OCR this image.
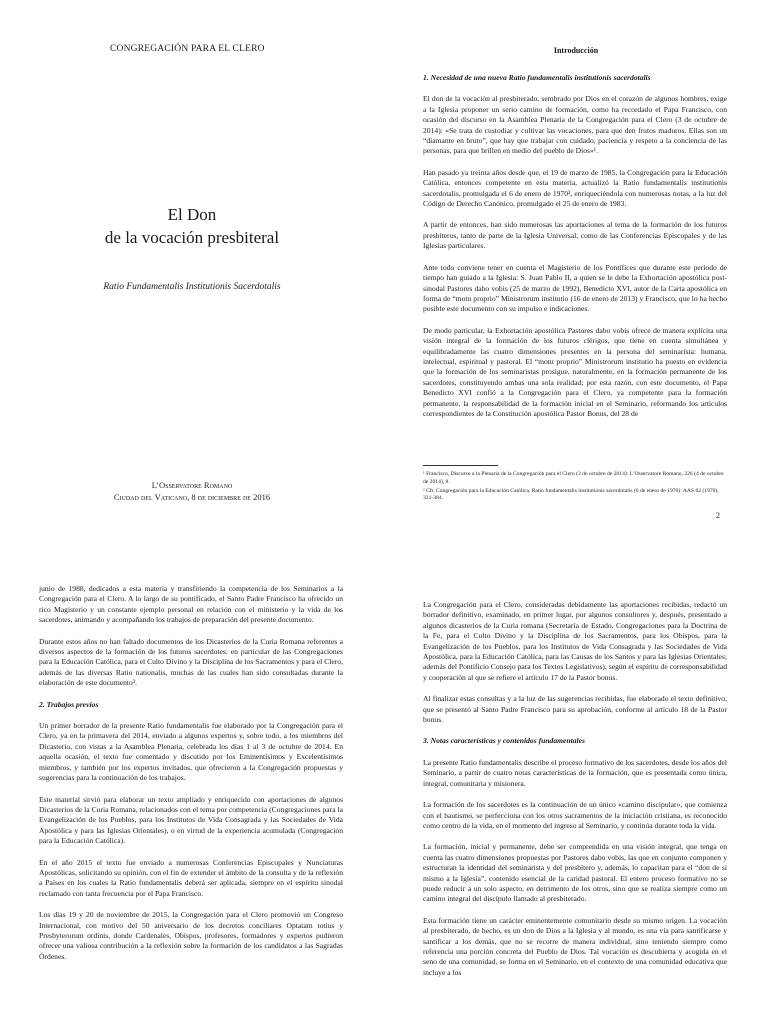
CONGREGACIÓN PARA EL CLERO
El Don
de la vocación presbiteral
Ratio Fundamentalis Institutionis Sacerdotalis
L’Osservatore Romano
Ciudad del Vaticano, 8 de diciembre de 2016
Introducción
1. Necesidad de una nueva Ratio fundamentalis institutionis sacerdotalis

El don de la vocación al presbiterado, sembrado por Dios en el corazón de algunos hombres, exige a la Iglesia proponer un serio camino de formación, como ha recordado el Papa Francisco, con ocasión del discurso en la Asamblea Plenaria de la Congregación para el Clero (3 de octubre de 2014): «Se trata de custodiar y cultivar las vocaciones, para que den frutos maduros. Ellas son un “diamante en bruto”, que hay que trabajar con cuidado, paciencia y respeto a la conciencia de las personas, para que brillen en medio del pueblo de Dios»¹.

Han pasado ya treinta años desde que, el 19 de marzo de 1985, la Congregación para la Educación Católica, entonces competente en esta materia, actualizó la Ratio fundamentalis institutionis sacerdotalis, promulgada el 6 de enero de 1970², enriqueciéndola con numerosas notas, a la luz del Código de Derecho Canónico, promulgado el 25 de enero de 1983.

A partir de entonces, han sido numerosas las aportaciones al tema de la formación de los futuros presbíteros, tanto de parte de la Iglesia Universal, como de las Conferencias Episcopales y de las Iglesias particulares.

Ante todo conviene tener en cuenta el Magisterio de los Pontífices que durante este período de tiempo han guiado a la Iglesia: S. Juan Pablo II, a quien se le debe la Exhortación apostólica post-sinodal Pastores dabo vobis (25 de marzo de 1992), Benedicto XVI, autor de la Carta apostólica en forma de “motu proprio” Ministrorum institutio (16 de enero de 2013) y Francisco, que lo ha hecho posible este documento con su impulso e indicaciones.

De modo particular, la Exhortación apostólica Pastores dabo vobis ofrece de manera explícita una visión integral de la formación de los futuros clérigos, que tiene en cuenta simultánea y equilibradamente las cuatro dimensiones presentes en la persona del seminarista: humana, intelectual, espiritual y pastoral. El “motu proprio” Ministrorum institutio ha puesto en evidencia que la formación de los seminaristas prosigue, naturalmente, en la formación permanente de los sacerdotes, constituyendo ambas una sola realidad; por esta razón, con este documento, el Papa Benedicto XVI confió a la Congregación para el Clero, ya competente para la formación permanente, la responsabilidad de la formación inicial en el Seminario, reformando los artículos correspondientes de la Constitución apostólica Pastor Bonus, del 28 de

¹ Francisco, Discurso a la Plenaria de la Congregación para el Clero (3 de octubre de 2014): L’Osservatore Romano, 226 (4 de octubre de 2014), 8.

² Cfr. Congregación para la Educación Católica, Ratio fundamentalis institutionis sacerdotalis (6 de enero de 1970): AAS 62 (1970), 321-384.

2

junio de 1988, dedicados a esta materia y transfiriendo la competencia de los Seminarios a la Congregación para el Clero. A lo largo de su pontificado, el Santo Padre Francisco ha ofrecido un rico Magisterio y un constante ejemplo personal en relación con el ministerio y la vida de los sacerdotes, animando y acompañando los trabajos de preparación del presente documento.

Durante estos años no han faltado documentos de los Dicasterios de la Curia Romana referentes a diversos aspectos de la formación de los futuros sacerdotes: en particular de las Congregaciones para la Educación Católica, para el Culto Divino y la Disciplina de los Sacramentos y para el Clero, además de las diversas Ratio nationalis, muchas de las cuales han sido consultadas durante la elaboración de este documento³.

2. Trabajos previos

Un primer borrador de la presente Ratio fundamentalis fue elaborado por la Congregación para el Clero, ya en la primavera del 2014, enviado a algunos expertos y, sobre todo, a los miembros del Dicasterio, con vistas a la Asamblea Plenaria, celebrada los días 1 al 3 de octubre de 2014. En aquella ocasión, el texto fue comentado y discutido por los Eminentísimos y Excelentísimos miembros, y también por los expertos invitados, que ofrecieron a la Congregación propuestas y sugerencias para la continuación de los trabajos.

Este material sirvió para elaborar un texto ampliado y enriquecido con aportaciones de algunos Dicasterios de la Curia Romana, relacionados con el tema por competencia (Congregaciones para la Evangelización de los Pueblos, para los Institutos de Vida Consagrada y las Sociedades de Vida Apostólica y para las Iglesias Orientales), o en virtud de la experiencia acumulada (Congregación para la Educación Católica).

En el año 2015 el texto fue enviado a numerosas Conferencias Episcopales y Nunciaturas Apostólicas, solicitando su opinión, con el fin de extender el ámbito de la consulta y de la reflexión a Países en los cuales la Ratio fundamentalis deberá ser aplicada, siempre en el espíritu sinodal reclamado con tanta frecuencia por el Papa Francisco.

Los días 19 y 20 de noviembre de 2015, la Congregación para el Clero promovió un Congreso Internacional, con motivo del 50 aniversario de los decretos conciliares Optatam totius y Presbyterorum ordinis, donde Cardenales, Obispos, profesores, formadores y expertos pudieron ofrecer una valiosa contribución a la reflexión sobre la formación de los candidatos a las Sagradas Órdenes.

La Congregación para el Clero, consideradas debidamente las aportaciones recibidas, redactó un borrador definitivo, examinado, en primer lugar, por algunos consultores y, después, presentado a algunos dicasterios de la Curia romana (Secretaría de Estado, Congregaciones para la Doctrina de la Fe, para el Culto Divino y la Disciplina de los Sacramentos, para los Obispos, para la Evangelización de los Pueblos, para los Institutos de Vida Consagrada y las Sociedades de Vida Apostólica, para la Educación Católica, para las Causas de los Santos y para las Iglesias Orientales; además del Pontificio Consejo para los Textos Legislativos), según el espíritu de corresponsabilidad y cooperación al que se refiere el artículo 17 de la Pastor bonus.

Al finalizar estas consultas y a la luz de las sugerencias recibidas, fue elaborado el texto definitivo, que se presentó al Santo Padre Francisco para su aprobación, conforme al artículo 18 de la Pastor bonus.

3. Notas características y contenidos fundamentales

La presente Ratio fundamentalis describe el proceso formativo de los sacerdotes, desde los años del Seminario, a partir de cuatro notas características de la formación, que es presentada como única, integral, comunitaria y misionera.

La formación de los sacerdotes es la continuación de un único «camino discipular», que comienza con el bautismo, se perfecciona con los otros sacramentos de la iniciación cristiana, es reconocido como centro de la vida, en el momento del ingreso al Seminario, y continúa durante toda la vida.

La formación, inicial y permanente, debe ser comprendida en una visión integral, que tenga en cuenta las cuatro dimensiones propuestas por Pastores dabo vobis, las que en conjunto componen y estructuran la identidad del seminarista y del presbítero y, además, lo capacitan para el “don de sí mismo a la Iglesia”, contenido esencial de la caridad pastoral. El entero proceso formativo no se puede reducir a un solo aspecto, en detrimento de los otros, sino que se realiza siempre como un camino integral del discípulo llamado al presbiterado.

Esta formación tiene un carácter eminentemente comunitario desde su mismo origen. La vocación al presbiterado, de hecho, es un don de Dios a la Iglesia y al mundo, es una vía para santificarse y santificar a los demás, que no se recorre de manera individual, sino teniendo siempre como referencia una porción concreta del Pueblo de Dios. Tal vocación es descubierta y acogida en el seno de una comunidad, se forma en el Seminario, en el contexto de una comunidad educativa que incluye a los
